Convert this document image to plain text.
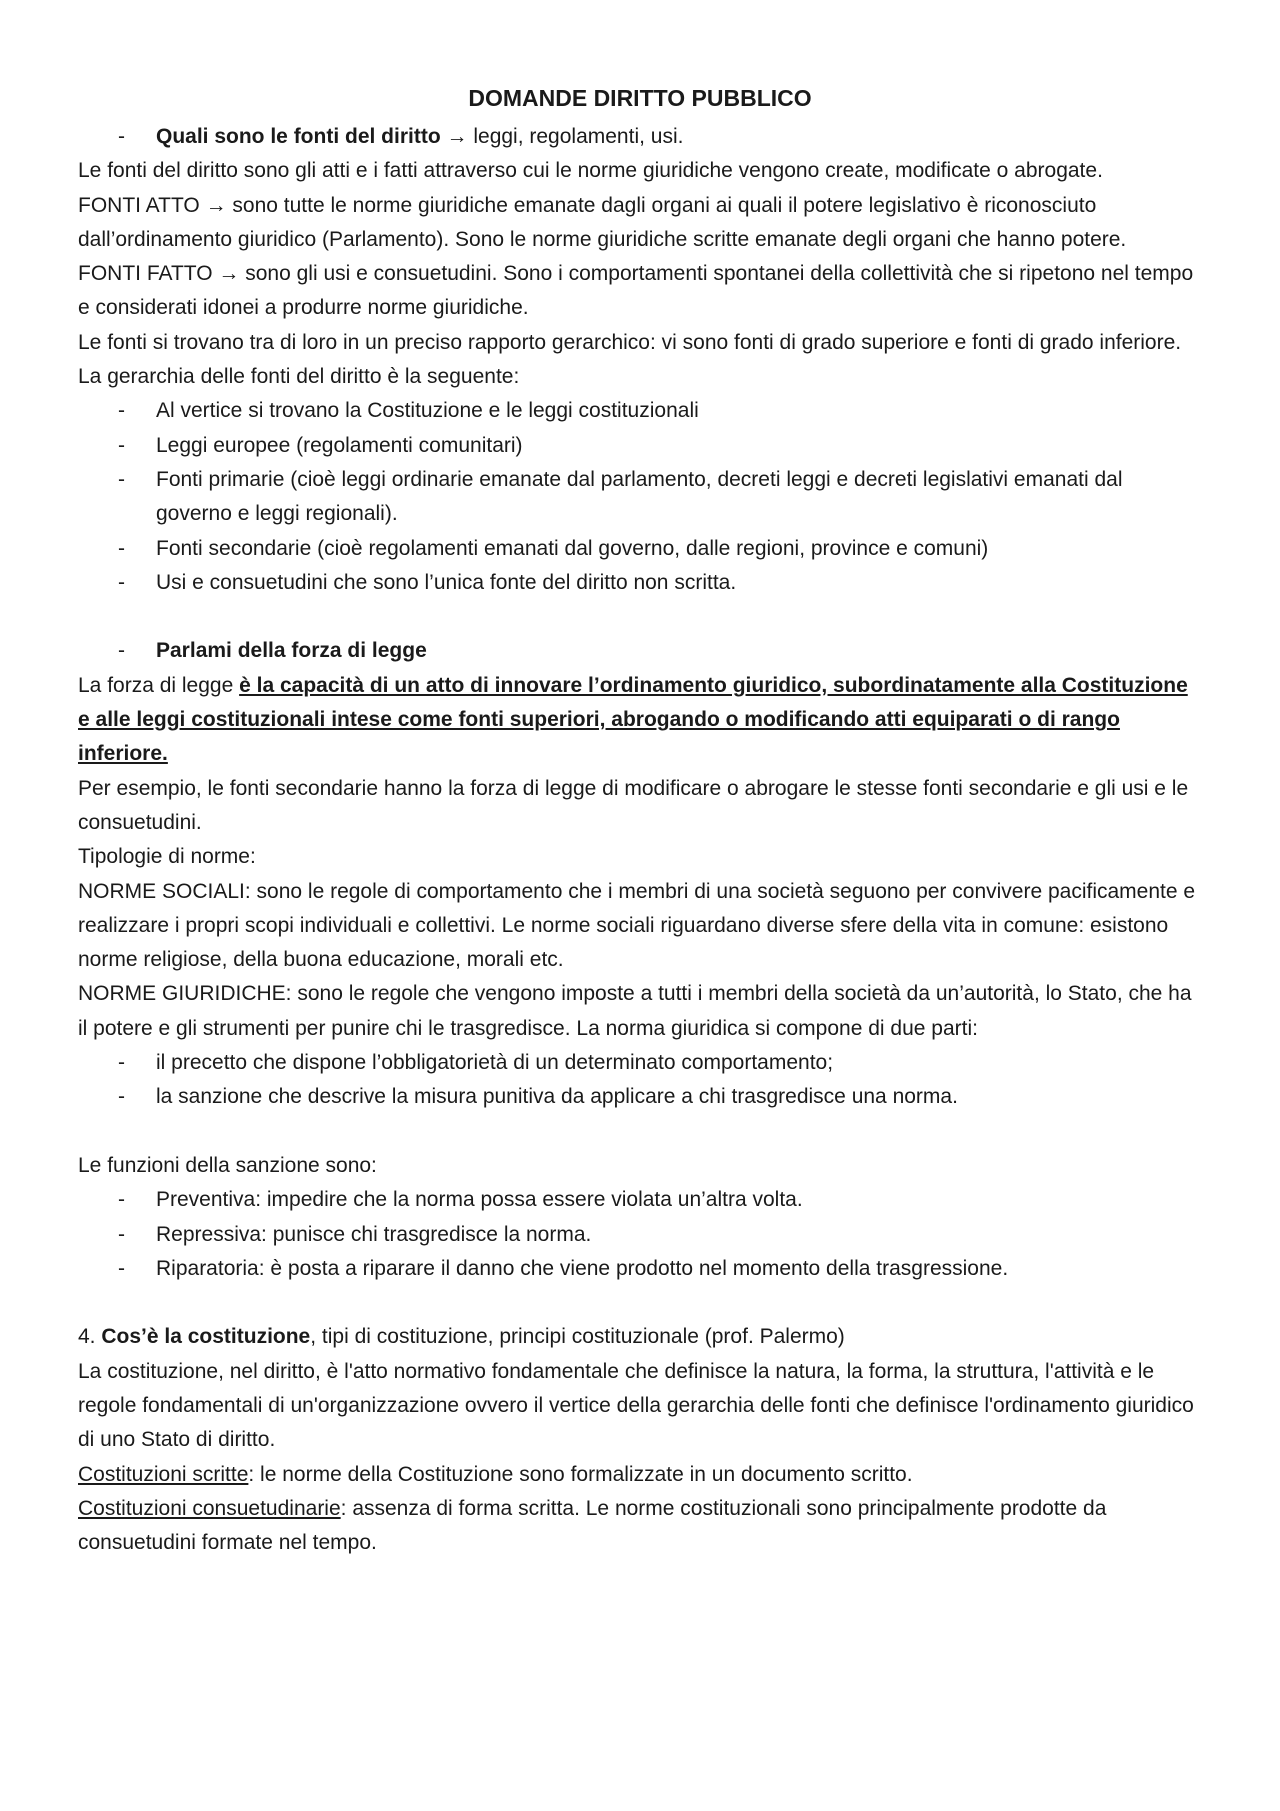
DOMANDE DIRITTO PUBBLICO
- Quali sono le fonti del diritto → leggi, regolamenti, usi.

Le fonti del diritto sono gli atti e i fatti attraverso cui le norme giuridiche vengono create, modificate o abrogate.

FONTI ATTO → sono tutte le norme giuridiche emanate dagli organi ai quali il potere legislativo è riconosciuto dall’ordinamento giuridico (Parlamento). Sono le norme giuridiche scritte emanate degli organi che hanno potere.

FONTI FATTO → sono gli usi e consuetudini. Sono i comportamenti spontanei della collettività che si ripetono nel tempo e considerati idonei a produrre norme giuridiche.

Le fonti si trovano tra di loro in un preciso rapporto gerarchico: vi sono fonti di grado superiore e fonti di grado inferiore.

La gerarchia delle fonti del diritto è la seguente:

- Al vertice si trovano la Costituzione e le leggi costituzionali
- Leggi europee (regolamenti comunitari)
- Fonti primarie (cioè leggi ordinarie emanate dal parlamento, decreti leggi e decreti legislativi emanati dal governo e leggi regionali).
- Fonti secondarie (cioè regolamenti emanati dal governo, dalle regioni, province e comuni)
- Usi e consuetudini che sono l’unica fonte del diritto non scritta.
- Parlami della forza di legge

La forza di legge è la capacità di un atto di innovare l’ordinamento giuridico, subordinatamente alla Costituzione e alle leggi costituzionali intese come fonti superiori, abrogando o modificando atti equiparati o di rango inferiore.

Per esempio, le fonti secondarie hanno la forza di legge di modificare o abrogare le stesse fonti secondarie e gli usi e le consuetudini.

Tipologie di norme:

NORME SOCIALI: sono le regole di comportamento che i membri di una società seguono per convivere pacificamente e realizzare i propri scopi individuali e collettivi. Le norme sociali riguardano diverse sfere della vita in comune: esistono norme religiose, della buona educazione, morali etc.

NORME GIURIDICHE: sono le regole che vengono imposte a tutti i membri della società da un’autorità, lo Stato, che ha il potere e gli strumenti per punire chi le trasgredisce. La norma giuridica si compone di due parti:

- il precetto che dispone l’obbligatorietà di un determinato comportamento;
- la sanzione che descrive la misura punitiva da applicare a chi trasgredisce una norma.

Le funzioni della sanzione sono:

- Preventiva: impedire che la norma possa essere violata un’altra volta.
- Repressiva: punisce chi trasgredisce la norma.
- Riparatoria: è posta a riparare il danno che viene prodotto nel momento della trasgressione.

4. Cos’è la costituzione, tipi di costituzione, principi costituzionale (prof. Palermo)

La costituzione, nel diritto, è l'atto normativo fondamentale che definisce la natura, la forma, la struttura, l'attività e le regole fondamentali di un'organizzazione ovvero il vertice della gerarchia delle fonti che definisce l'ordinamento giuridico di uno Stato di diritto.

Costituzioni scritte: le norme della Costituzione sono formalizzate in un documento scritto.

Costituzioni consuetudinarie: assenza di forma scritta. Le norme costituzionali sono principalmente prodotte da consuetudini formate nel tempo.
